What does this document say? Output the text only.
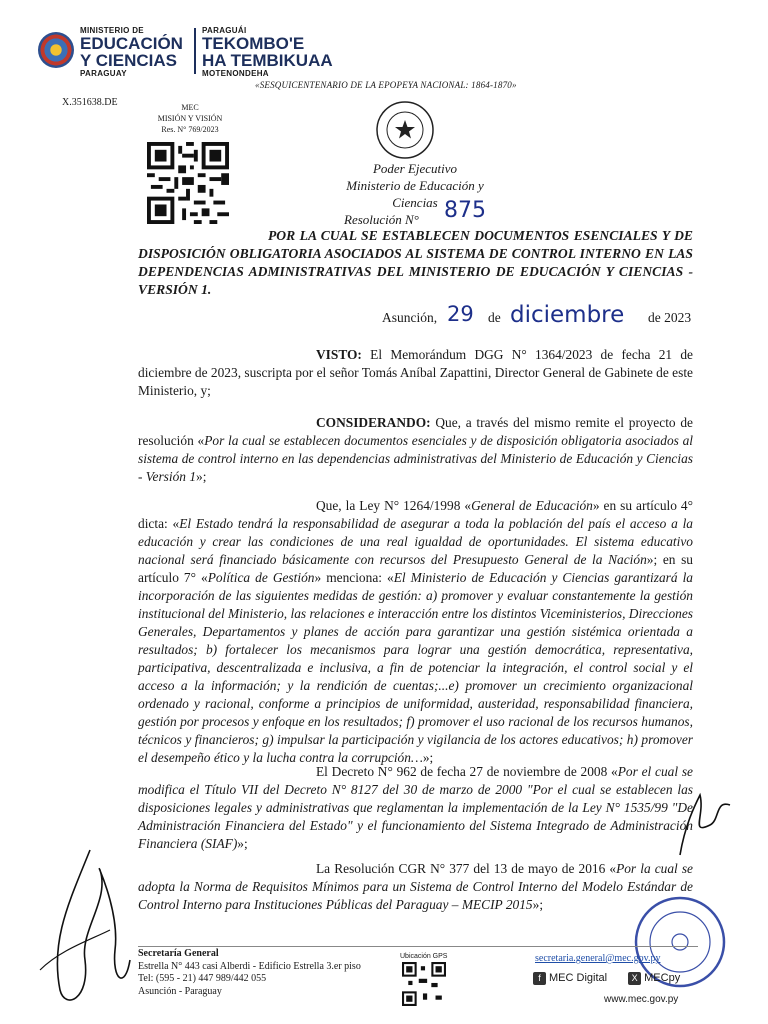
MINISTERIO DE
EDUCACIÓN
Y CIENCIAS
PARAGUAY
PARAGUÁI
TEKOMBO'E
HA TEMBIKUAA
MOTENONDEHA
«SESQUICENTENARIO DE LA EPOPEYA NACIONAL: 1864-1870»
X.351638.DE	MEC
MISIÓN Y VISIÓN
Res. N° 769/2023
Poder Ejecutivo
Ministerio de Educación y Ciencias
Resolución N°	875

POR LA CUAL SE ESTABLECEN DOCUMENTOS ESENCIALES Y DE DISPOSICIÓN OBLIGATORIA ASOCIADOS AL SISTEMA DE CONTROL INTERNO EN LAS DEPENDENCIAS ADMINISTRATIVAS DEL MINISTERIO DE EDUCACIÓN Y CIENCIAS - VERSIÓN 1.

Asunción, 29 de diciembre de 2023

VISTO: El Memorándum DGG N° 1364/2023 de fecha 21 de diciembre de 2023, suscripta por el señor Tomás Aníbal Zapattini, Director General de Gabinete de este Ministerio, y;

CONSIDERANDO: Que, a través del mismo remite el proyecto de resolución «Por la cual se establecen documentos esenciales y de disposición obligatoria asociados al sistema de control interno en las dependencias administrativas del Ministerio de Educación y Ciencias - Versión 1»;

Que, la Ley N° 1264/1998 «General de Educación» en su artículo 4° dicta: «El Estado tendrá la responsabilidad de asegurar a toda la población del país el acceso a la educación y crear las condiciones de una real igualdad de oportunidades. El sistema educativo nacional será financiado básicamente con recursos del Presupuesto General de la Nación»; en su artículo 7° «Política de Gestión» menciona: «El Ministerio de Educación y Ciencias garantizará la incorporación de las siguientes medidas de gestión: a) promover y evaluar constantemente la gestión institucional del Ministerio, las relaciones e interacción entre los distintos Viceministerios, Direcciones Generales, Departamentos y planes de acción para garantizar una gestión sistémica orientada a resultados; b) fortalecer los mecanismos para lograr una gestión democrática, representativa, participativa, descentralizada e inclusiva, a fin de potenciar la integración, el control social y el acceso a la información; y la rendición de cuentas;...e) promover un crecimiento organizacional ordenado y racional, conforme a principios de uniformidad, austeridad, responsabilidad financiera, gestión por procesos y enfoque en los resultados; f) promover el uso racional de los recursos humanos, técnicos y financieros; g) impulsar la participación y vigilancia de los actores educativos; h) promover el desempeño ético y la lucha contra la corrupción…»;

El Decreto N° 962 de fecha 27 de noviembre de 2008 «Por el cual se modifica el Título VII del Decreto N° 8127 del 30 de marzo de 2000 "Por el cual se establecen las disposiciones legales y administrativas que reglamentan la implementación de la Ley N° 1535/99 "De Administración Financiera del Estado" y el funcionamiento del Sistema Integrado de Administración Financiera (SIAF)»;

La Resolución CGR N° 377 del 13 de mayo de 2016 «Por la cual se adopta la Norma de Requisitos Mínimos para un Sistema de Control Interno del Modelo Estándar de Control Interno para Instituciones Públicas del Paraguay – MECIP 2015»;

Secretaría General
Estrella N° 443 casi Alberdi - Edificio Estrella 3.er piso
Tel: (595 - 21) 447 989/442 055
Asunción - Paraguay
Ubicación GPS	secretaria.general@mec.gov.py
f MEC Digital	X MECpy
www.mec.gov.py
